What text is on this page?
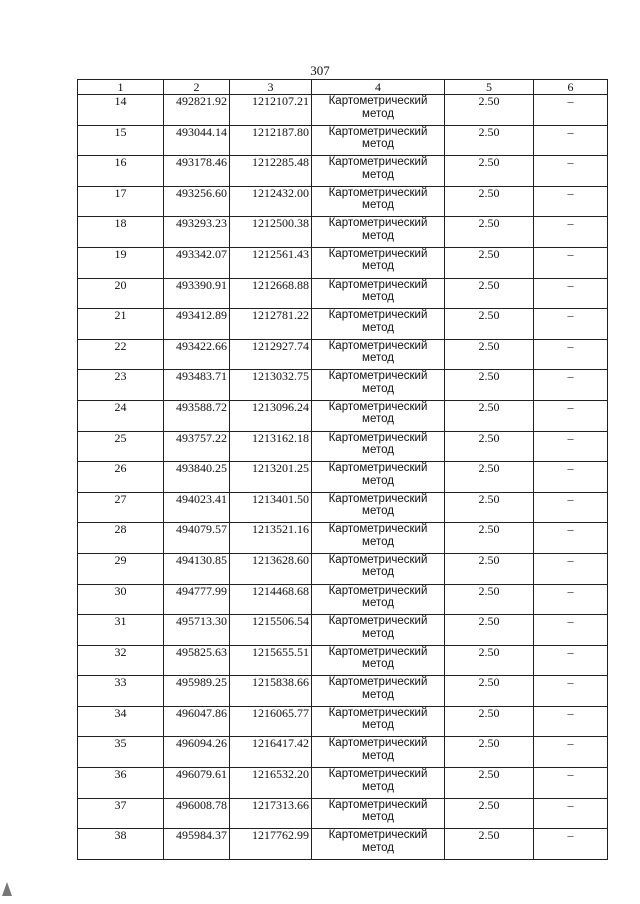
307
1	2	3	4	5	6
14	492821.92	1212107.21	Картометрический метод	2.50	–
15	493044.14	1212187.80	Картометрический метод	2.50	–
16	493178.46	1212285.48	Картометрический метод	2.50	–
17	493256.60	1212432.00	Картометрический метод	2.50	–
18	493293.23	1212500.38	Картометрический метод	2.50	–
19	493342.07	1212561.43	Картометрический метод	2.50	–
20	493390.91	1212668.88	Картометрический метод	2.50	–
21	493412.89	1212781.22	Картометрический метод	2.50	–
22	493422.66	1212927.74	Картометрический метод	2.50	–
23	493483.71	1213032.75	Картометрический метод	2.50	–
24	493588.72	1213096.24	Картометрический метод	2.50	–
25	493757.22	1213162.18	Картометрический метод	2.50	–
26	493840.25	1213201.25	Картометрический метод	2.50	–
27	494023.41	1213401.50	Картометрический метод	2.50	–
28	494079.57	1213521.16	Картометрический метод	2.50	–
29	494130.85	1213628.60	Картометрический метод	2.50	–
30	494777.99	1214468.68	Картометрический метод	2.50	–
31	495713.30	1215506.54	Картометрический метод	2.50	–
32	495825.63	1215655.51	Картометрический метод	2.50	–
33	495989.25	1215838.66	Картометрический метод	2.50	–
34	496047.86	1216065.77	Картометрический метод	2.50	–
35	496094.26	1216417.42	Картометрический метод	2.50	–
36	496079.61	1216532.20	Картометрический метод	2.50	–
37	496008.78	1217313.66	Картометрический метод	2.50	–
38	495984.37	1217762.99	Картометрический метод	2.50	–
